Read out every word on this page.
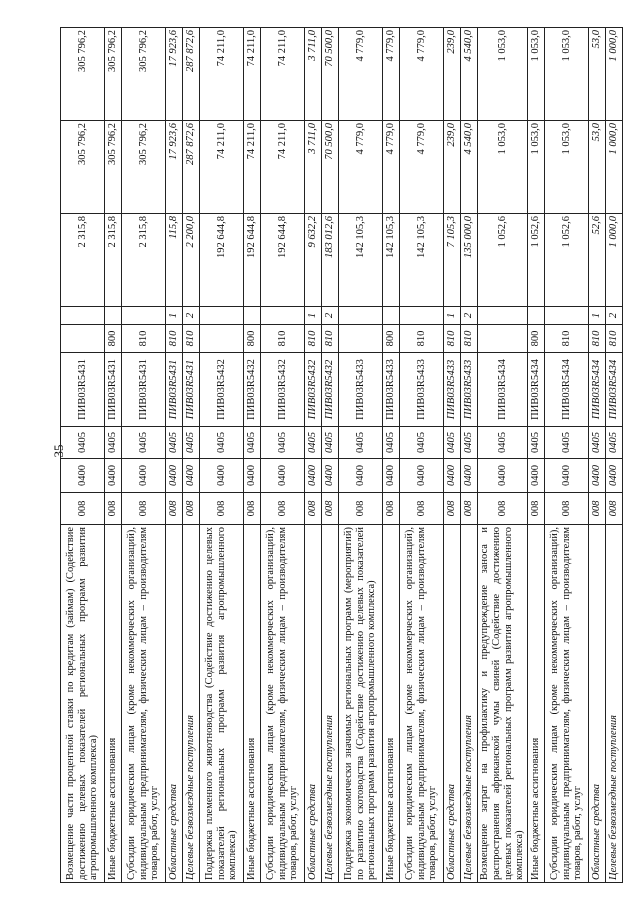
35
Возмещение части процентной ставки по кредитам (займам) (Содействие достижению целевых показателей региональных программ развития агропромышленного комплекса)	008	0400	0405	ПИВ03R5431			2 315,8	305 796,2	305 796,2
Иные бюджетные ассигнования	008	0400	0405	ПИВ03R5431	800		2 315,8	305 796,2	305 796,2
Субсидии юридическим лицам (кроме некоммерческих организаций), индивидуальным предпринимателям, физическим лицам – производителям товаров, работ, услуг	008	0400	0405	ПИВ03R5431	810		2 315,8	305 796,2	305 796,2
Областные средства	008	0400	0405	ПИВ03R5431	810	1	115,8	17 923,6	17 923,6
Целевые безвозмездные поступления	008	0400	0405	ПИВ03R5431	810	2	2 200,0	287 872,6	287 872,6
Поддержка племенного животноводства (Содействие достижению целевых показателей региональных программ развития агропромышленного комплекса)	008	0400	0405	ПИВ03R5432			192 644,8	74 211,0	74 211,0
Иные бюджетные ассигнования	008	0400	0405	ПИВ03R5432	800		192 644,8	74 211,0	74 211,0
Субсидии юридическим лицам (кроме некоммерческих организаций), индивидуальным предпринимателям, физическим лицам – производителям товаров, работ, услуг	008	0400	0405	ПИВ03R5432	810		192 644,8	74 211,0	74 211,0
Областные средства	008	0400	0405	ПИВ03R5432	810	1	9 632,2	3 711,0	3 711,0
Целевые безвозмездные поступления	008	0400	0405	ПИВ03R5432	810	2	183 012,6	70 500,0	70 500,0
Поддержка экономически значимых региональных программ (мероприятий) по развитию скотоводства (Содействие достижению целевых показателей региональных программ развития агропромышленного комплекса)	008	0400	0405	ПИВ03R5433			142 105,3	4 779,0	4 779,0
Иные бюджетные ассигнования	008	0400	0405	ПИВ03R5433	800		142 105,3	4 779,0	4 779,0
Субсидии юридическим лицам (кроме некоммерческих организаций), индивидуальным предпринимателям, физическим лицам – производителям товаров, работ, услуг	008	0400	0405	ПИВ03R5433	810		142 105,3	4 779,0	4 779,0
Областные средства	008	0400	0405	ПИВ03R5433	810	1	7 105,3	239,0	239,0
Целевые безвозмездные поступления	008	0400	0405	ПИВ03R5433	810	2	135 000,0	4 540,0	4 540,0
Возмещение затрат на профилактику и предупреждение заноса и распространения африканской чумы свиней (Содействие достижению целевых показателей региональных программ развития агропромышленного комплекса)	008	0400	0405	ПИВ03R5434			1 052,6	1 053,0	1 053,0
Иные бюджетные ассигнования	008	0400	0405	ПИВ03R5434	800		1 052,6	1 053,0	1 053,0
Субсидии юридическим лицам (кроме некоммерческих организаций), индивидуальным предпринимателям, физическим лицам – производителям товаров, работ, услуг	008	0400	0405	ПИВ03R5434	810		1 052,6	1 053,0	1 053,0
Областные средства	008	0400	0405	ПИВ03R5434	810	1	52,6	53,0	53,0
Целевые безвозмездные поступления	008	0400	0405	ПИВ03R5434	810	2	1 000,0	1 000,0	1 000,0
